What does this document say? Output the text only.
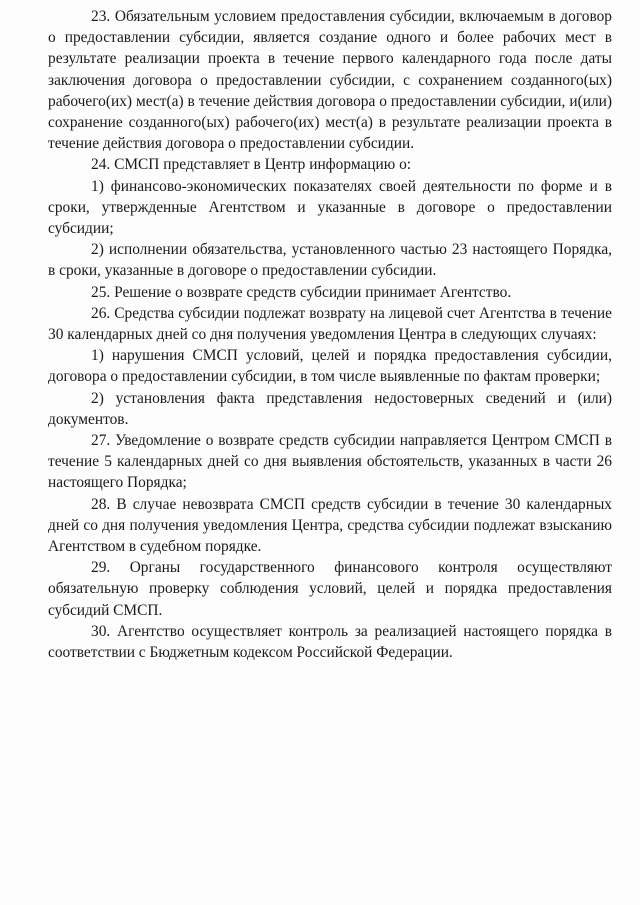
23. Обязательным условием предоставления субсидии, включаемым в договор о предоставлении субсидии, является создание одного и более рабочих мест в результате реализации проекта в течение первого календарного года после даты заключения договора о предоставлении субсидии, с сохранением созданного(ых) рабочего(их) мест(а) в течение действия договора о предоставлении субсидии, и(или) сохранение созданного(ых) рабочего(их) мест(а) в результате реализации проекта в течение действия договора о предоставлении субсидии.

24. СМСП представляет в Центр информацию о:

1) финансово-экономических показателях своей деятельности по форме и в сроки, утвержденные Агентством и указанные в договоре о предоставлении субсидии;

2) исполнении обязательства, установленного частью 23 настоящего Порядка, в сроки, указанные в договоре о предоставлении субсидии.

25. Решение о возврате средств субсидии принимает Агентство.

26. Средства субсидии подлежат возврату на лицевой счет Агентства в течение 30 календарных дней со дня получения уведомления Центра в следующих случаях:

1) нарушения СМСП условий, целей и порядка предоставления субсидии, договора о предоставлении субсидии, в том числе выявленные по фактам проверки;

2) установления факта представления недостоверных сведений и (или) документов.

27. Уведомление о возврате средств субсидии направляется Центром СМСП в течение 5 календарных дней со дня выявления обстоятельств, указанных в части 26 настоящего Порядка;

28. В случае невозврата СМСП средств субсидии в течение 30 календарных дней со дня получения уведомления Центра, средства субсидии подлежат взысканию Агентством в судебном порядке.

29. Органы государственного финансового контроля осуществляют обязательную проверку соблюдения условий, целей и порядка предоставления субсидий СМСП.

30. Агентство осуществляет контроль за реализацией настоящего порядка в соответствии с Бюджетным кодексом Российской Федерации.
